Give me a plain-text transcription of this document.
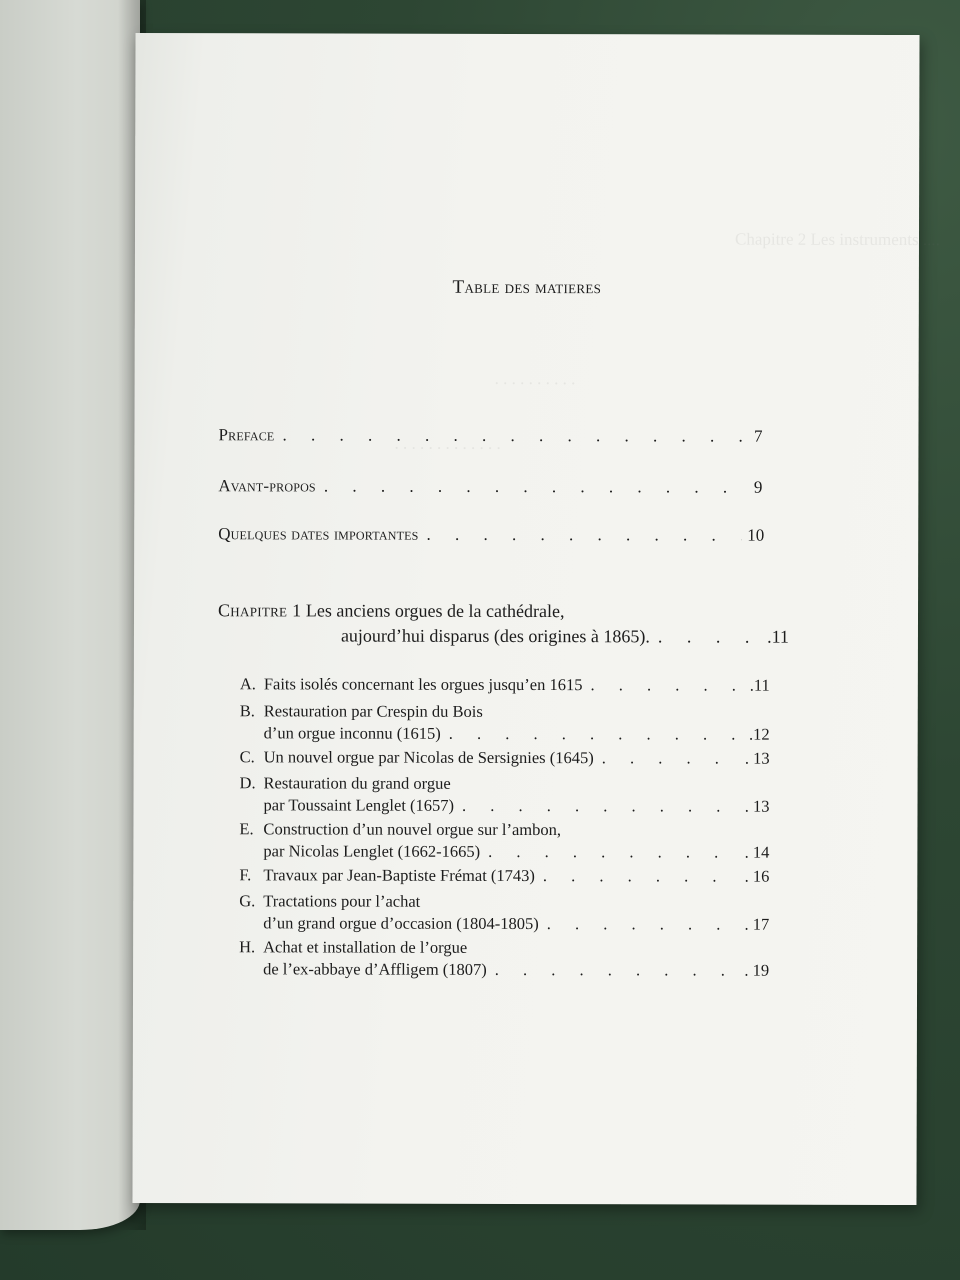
Chapitre 2 Les instruments ....
. . . . . . . . . .
. . . . . . . . . . . . .
Table des matieres
Preface . . .	7
Avant-propos . . .	9
Quelques dates importantes . . .	10
Chapitre 1 Les anciens orgues de la cathédrale,
aujourd’hui disparus (des origines à 1865). . . .	.11
A. Faits isolés concernant les orgues jusqu’en 1615 . . .	.11
B. Restauration par Crespin du Bois
d’un orgue inconnu (1615) . . .	.12
C. Un nouvel orgue par Nicolas de Sersignies (1645) . . .	. 13
D. Restauration du grand orgue
par Toussaint Lenglet (1657) . . .	. 13
E. Construction d’un nouvel orgue sur l’ambon,
par Nicolas Lenglet (1662-1665) . . .	. 14
F. Travaux par Jean-Baptiste Frémat (1743) . . .	. 16
G. Tractations pour l’achat
d’un grand orgue d’occasion (1804-1805) . . .	. 17
H. Achat et installation de l’orgue
de l’ex-abbaye d’Affligem (1807) . . .	. 19
